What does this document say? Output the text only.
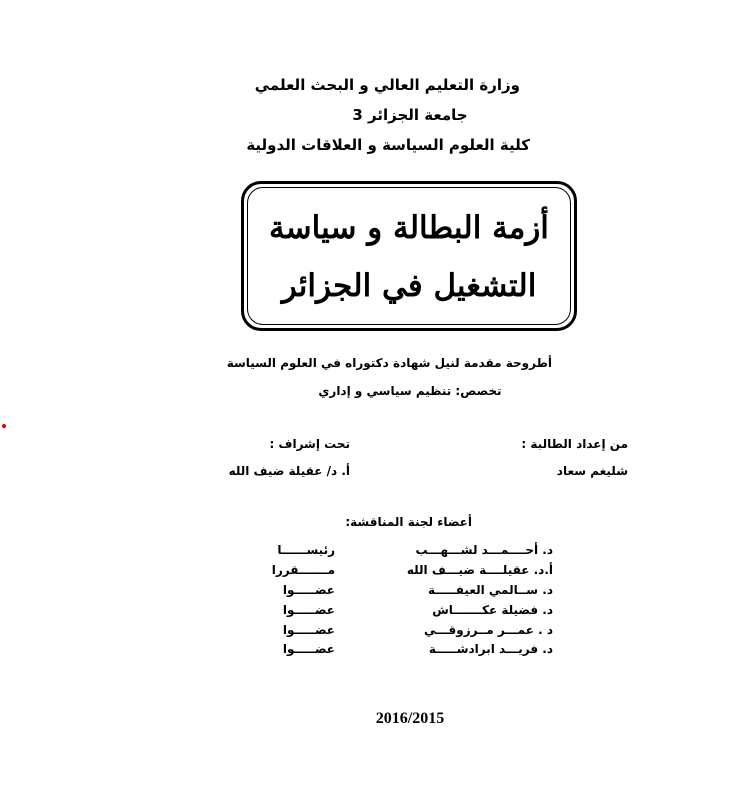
وزارة التعليم العالي و البحث العلمي
جامعة الجزائر 3
كلية العلوم السياسة و العلاقات الدولية
أزمة البطالة و سياسة
التشغيل في الجزائر
أطروحة مقدمة لنيل شهادة دكتوراه في العلوم السياسة
تخصص: تنظيم سياسي و إداري
من إعداد الطالبة :
شليغم سعاد
تحت إشراف :
أ. د/ عقيلة ضيف الله
أعضاء لجنة المناقشة:
د. أحــــمـــد لشـــهـــب
رئيســــــا
أ.د. عقيلــــة ضيـــف الله
مـــــــقررا
د. ســالمي العيفـــــة
عضـــــوا
د. فضيلة عكـــــــاش
عضـــــوا
د . عمـــر مــرزوقـــي
عضـــــوا
د. فريـــد ابرادشـــــة
عضـــــوا
2016/2015
